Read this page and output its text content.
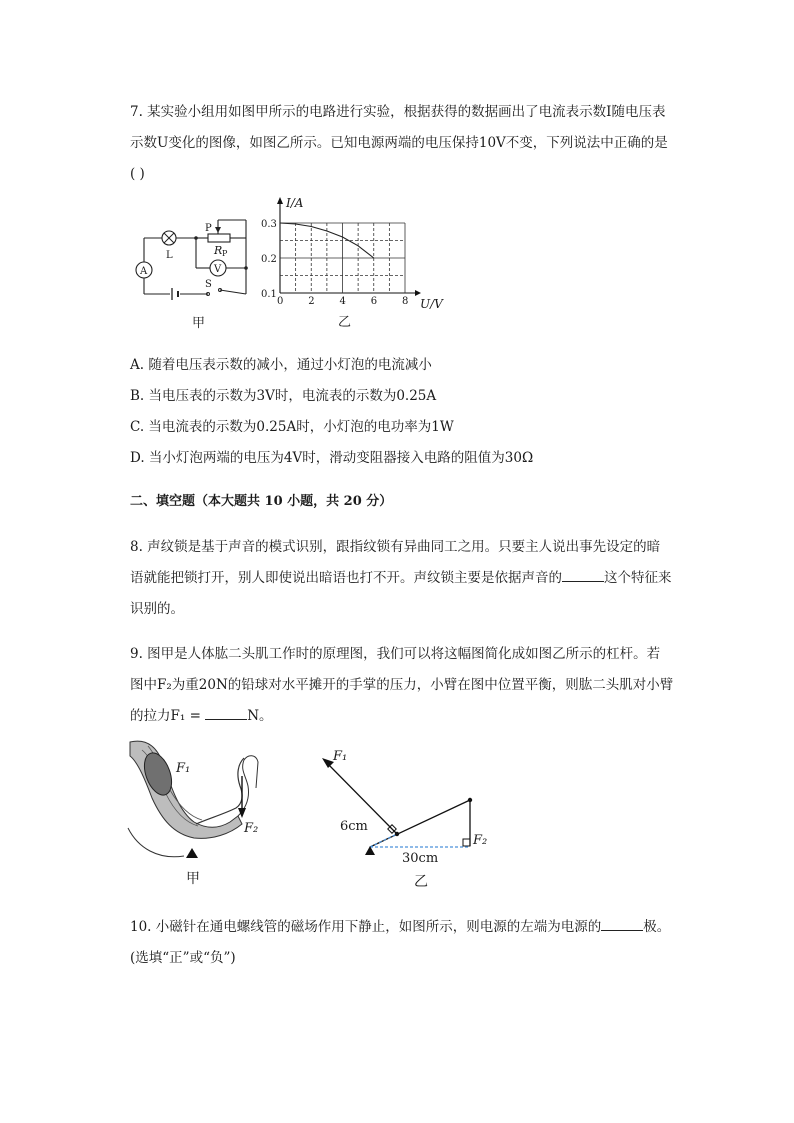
7. 某实验小组用如图甲所示的电路进行实验，根据获得的数据画出了电流表示数I随电压表
示数U变化的图像，如图乙所示。已知电源两端的电压保持10V不变，下列说法中正确的是
( )
A
L
P
R P
V
S
甲
0.3
0.2
0.1
0 2 4 6 8
I/A
U/V
乙
A. 随着电压表示数的减小，通过小灯泡的电流减小
B. 当电压表的示数为3V时，电流表的示数为0.25A
C. 当电流表的示数为0.25A时，小灯泡的电功率为1W
D. 当小灯泡两端的电压为4V时，滑动变阻器接入电路的阻值为30Ω
二、填空题（本大题共 10 小题，共 20 分）
8. 声纹锁是基于声音的模式识别，跟指纹锁有异曲同工之用。只要主人说出事先设定的暗
语就能把锁打开，别人即使说出暗语也打不开。声纹锁主要是依据声音的	这个特征来
识别的。
9. 图甲是人体肱二头肌工作时的原理图，我们可以将这幅图简化成如图乙所示的杠杆。若
图中F₂为重20N的铅球对水平摊开的手掌的压力，小臂在图中位置平衡，则肱二头肌对小臂
的拉力F₁ =	N。
F₁
F₂
甲
F₁
F₂
6cm
30cm
乙
10. 小磁针在通电螺线管的磁场作用下静止，如图所示，则电源的左端为电源的	极。
(选填“正”或“负”)
